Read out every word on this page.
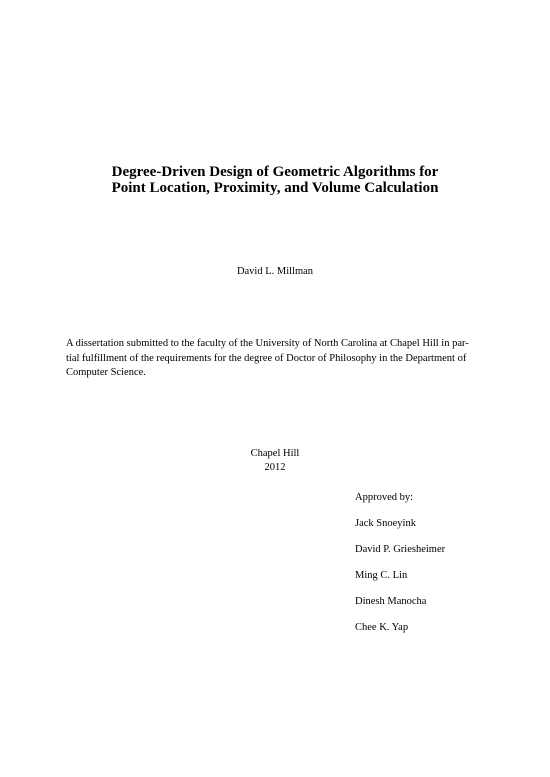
Degree-Driven Design of Geometric Algorithms for
Point Location, Proximity, and Volume Calculation
David L. Millman
A dissertation submitted to the faculty of the University of North Carolina at Chapel Hill in par-
tial fulfillment of the requirements for the degree of Doctor of Philosophy in the Department of
Computer Science.
Chapel Hill
2012
Approved by:
Jack Snoeyink
David P. Griesheimer
Ming C. Lin
Dinesh Manocha
Chee K. Yap
